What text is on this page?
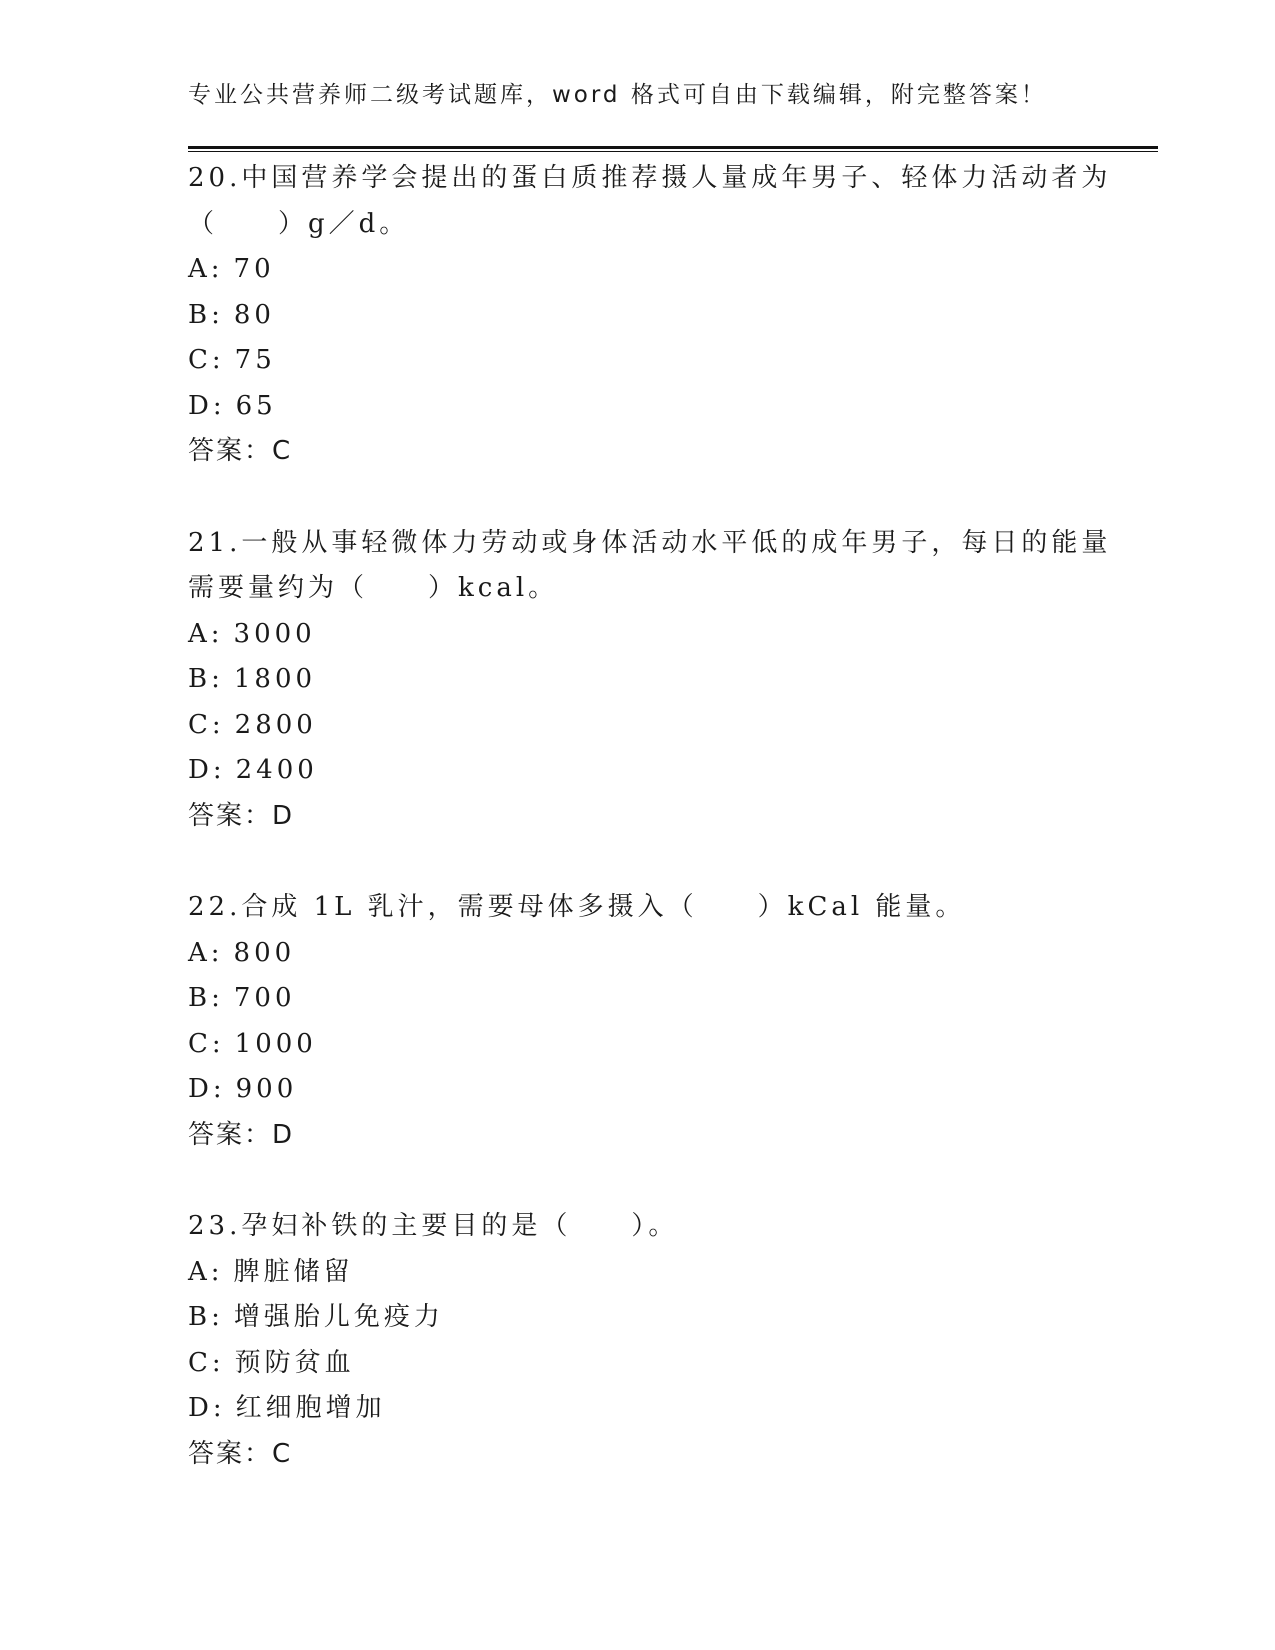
专业公共营养师二级考试题库，word 格式可自由下载编辑，附完整答案！
20.中国营养学会提出的蛋白质推荐摄人量成年男子、轻体力活动者为
（　　）g／d。
A: 70
B: 80
C: 75
D: 65
答案：C
21.一般从事轻微体力劳动或身体活动水平低的成年男子，每日的能量
需要量约为（　　）kcal。
A: 3000
B: 1800
C: 2800
D: 2400
答案：D
22.合成 1L 乳汁，需要母体多摄入（　　）kCal 能量。
A: 800
B: 700
C: 1000
D: 900
答案：D
23.孕妇补铁的主要目的是（　　）。
A: 脾脏储留
B: 增强胎儿免疫力
C: 预防贫血
D: 红细胞增加
答案：C
